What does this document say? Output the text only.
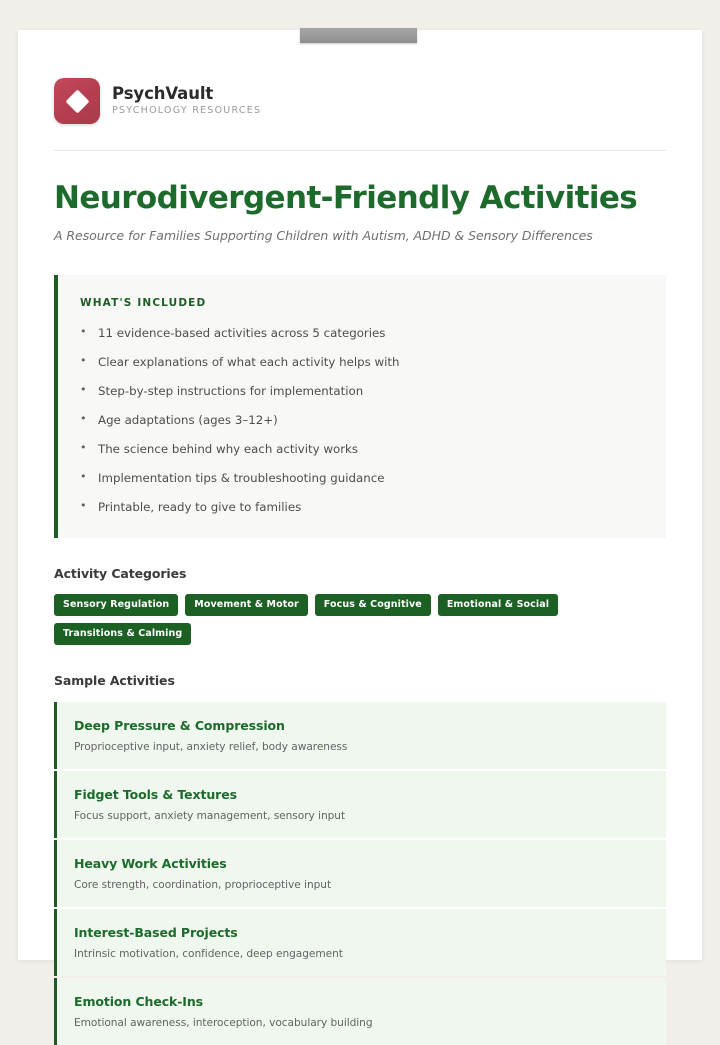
PsychVault
PSYCHOLOGY RESOURCES
Neurodivergent-Friendly Activities

A Resource for Families Supporting Children with Autism, ADHD & Sensory Differences

WHAT'S INCLUDED
• 11 evidence-based activities across 5 categories
• Clear explanations of what each activity helps with
• Step-by-step instructions for implementation
• Age adaptations (ages 3–12+)
• The science behind why each activity works
• Implementation tips & troubleshooting guidance
• Printable, ready to give to families
Activity Categories
Sensory Regulation	Movement & Motor	Focus & Cognitive	Emotional & Social
Transitions & Calming
Sample Activities
Deep Pressure & Compression
Proprioceptive input, anxiety relief, body awareness
Fidget Tools & Textures
Focus support, anxiety management, sensory input
Heavy Work Activities
Core strength, coordination, proprioceptive input
Interest-Based Projects
Intrinsic motivation, confidence, deep engagement
Emotion Check-Ins
Emotional awareness, interoception, vocabulary building
